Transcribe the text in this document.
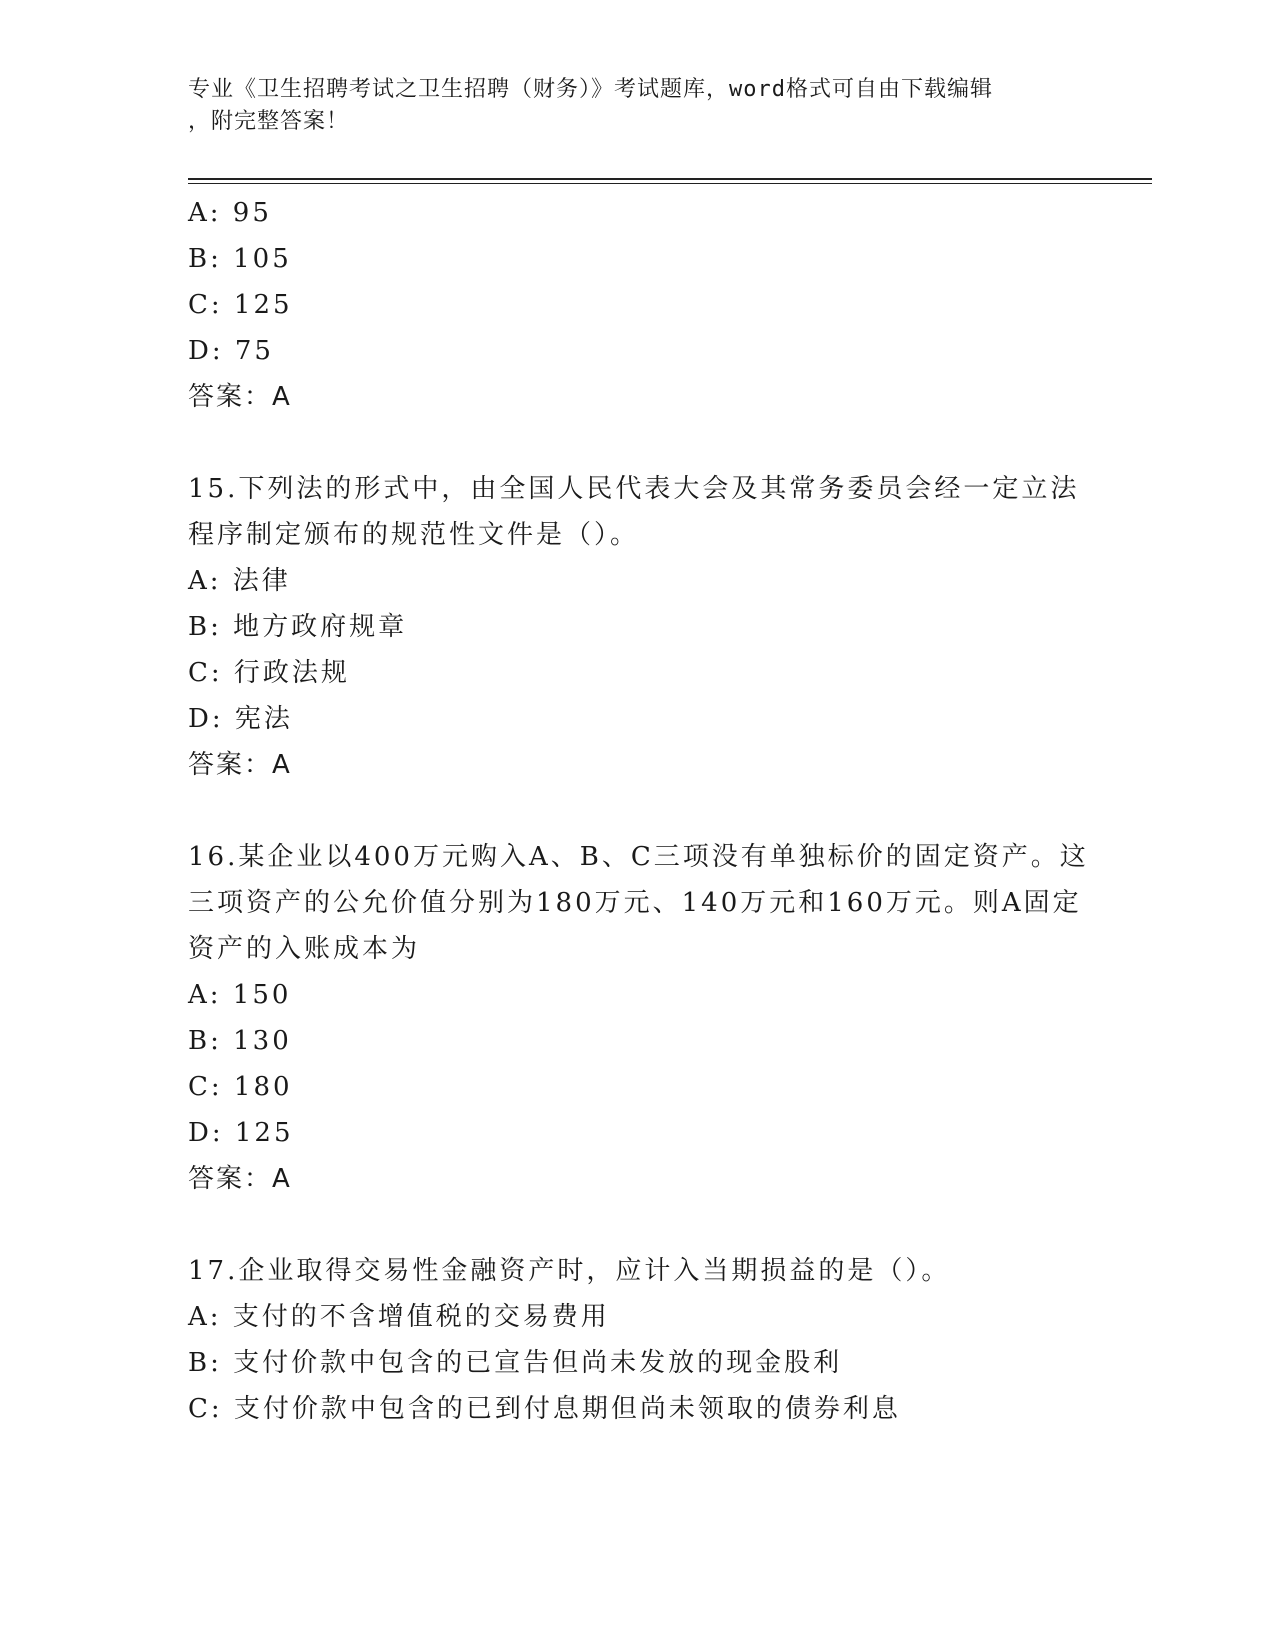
专业《卫生招聘考试之卫生招聘（财务）》考试题库，word格式可自由下载编辑
，附完整答案！
A: 95
B: 105
C: 125
D: 75
答案：A
15.下列法的形式中，由全国人民代表大会及其常务委员会经一定立法
程序制定颁布的规范性文件是（）。
A: 法律
B: 地方政府规章
C: 行政法规
D: 宪法
答案：A
16.某企业以400万元购入A、B、C三项没有单独标价的固定资产。这
三项资产的公允价值分别为180万元、140万元和160万元。则A固定
资产的入账成本为
A: 150
B: 130
C: 180
D: 125
答案：A
17.企业取得交易性金融资产时，应计入当期损益的是（）。
A: 支付的不含增值税的交易费用
B: 支付价款中包含的已宣告但尚未发放的现金股利
C: 支付价款中包含的已到付息期但尚未领取的债券利息
